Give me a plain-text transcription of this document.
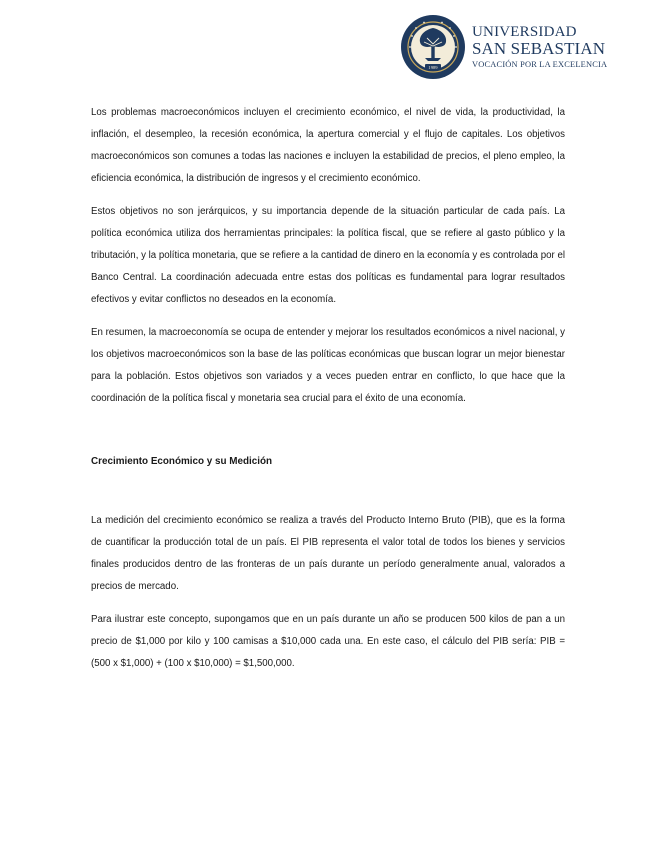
1989
UNIVERSIDAD
SAN SEBASTIAN
VOCACIÓN POR LA EXCELENCIA

Los problemas macroeconómicos incluyen el crecimiento económico, el nivel de vida, la productividad, la inflación, el desempleo, la recesión económica, la apertura comercial y el flujo de capitales. Los objetivos macroeconómicos son comunes a todas las naciones e incluyen la estabilidad de precios, el pleno empleo, la eficiencia económica, la distribución de ingresos y el crecimiento económico.

Estos objetivos no son jerárquicos, y su importancia depende de la situación particular de cada país. La política económica utiliza dos herramientas principales: la política fiscal, que se refiere al gasto público y la tributación, y la política monetaria, que se refiere a la cantidad de dinero en la economía y es controlada por el Banco Central. La coordinación adecuada entre estas dos políticas es fundamental para lograr resultados efectivos y evitar conflictos no deseados en la economía.

En resumen, la macroeconomía se ocupa de entender y mejorar los resultados económicos a nivel nacional, y los objetivos macroeconómicos son la base de las políticas económicas que buscan lograr un mejor bienestar para la población. Estos objetivos son variados y a veces pueden entrar en conflicto, lo que hace que la coordinación de la política fiscal y monetaria sea crucial para el éxito de una economía.

Crecimiento Económico y su Medición

La medición del crecimiento económico se realiza a través del Producto Interno Bruto (PIB), que es la forma de cuantificar la producción total de un país. El PIB representa el valor total de todos los bienes y servicios finales producidos dentro de las fronteras de un país durante un período generalmente anual, valorados a precios de mercado.

Para ilustrar este concepto, supongamos que en un país durante un año se producen 500 kilos de pan a un precio de $1,000 por kilo y 100 camisas a $10,000 cada una. En este caso, el cálculo del PIB sería: PIB = (500 x $1,000) + (100 x $10,000) = $1,500,000.
